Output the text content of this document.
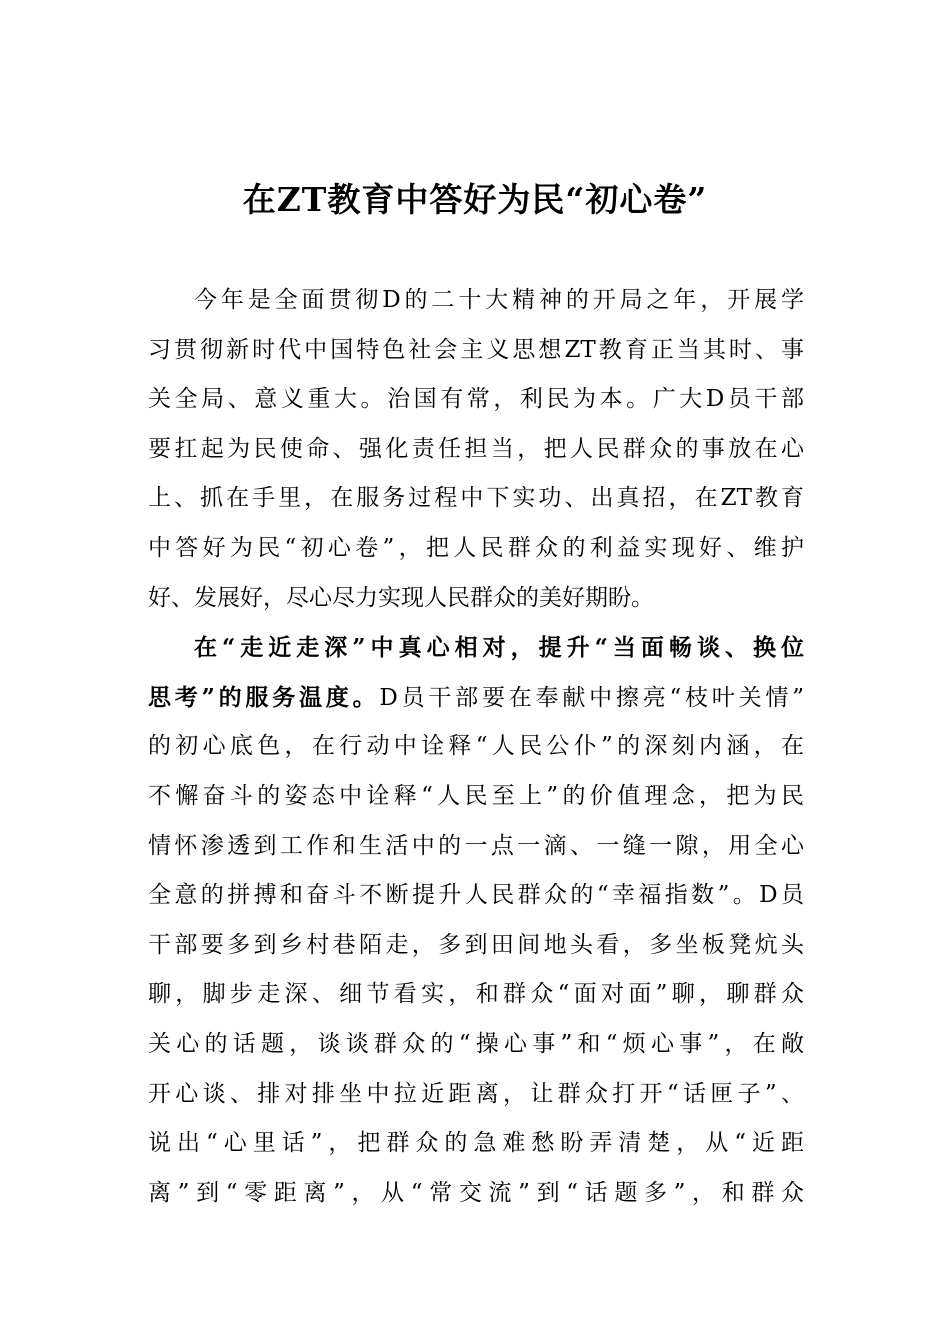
在ZT教育中答好为民“初心卷”
今年是全面贯彻D的二十大精神的开局之年，开展学
习贯彻新时代中国特色社会主义思想ZT教育正当其时、事
关全局、意义重大。治国有常，利民为本。广大D员干部
要扛起为民使命、强化责任担当，把人民群众的事放在心
上、抓在手里，在服务过程中下实功、出真招，在ZT教育
中答好为民“初心卷”，把人民群众的利益实现好、维护
好、发展好，尽心尽力实现人民群众的美好期盼。
在“走近走深”中真心相对，提升“当面畅谈、换位
思考”的服务温度。D员干部要在奉献中擦亮“枝叶关情”
的初心底色，在行动中诠释“人民公仆”的深刻内涵，在
不懈奋斗的姿态中诠释“人民至上”的价值理念，把为民
情怀渗透到工作和生活中的一点一滴、一缝一隙，用全心
全意的拼搏和奋斗不断提升人民群众的“幸福指数”。D员
干部要多到乡村巷陌走，多到田间地头看，多坐板凳炕头
聊，脚步走深、细节看实，和群众“面对面”聊，聊群众
关心的话题，谈谈群众的“操心事”和“烦心事”，在敞
开心谈、排对排坐中拉近距离，让群众打开“话匣子”、
说出“心里话”，把群众的急难愁盼弄清楚，从“近距
离”到“零距离”，从“常交流”到“话题多”，和群众
